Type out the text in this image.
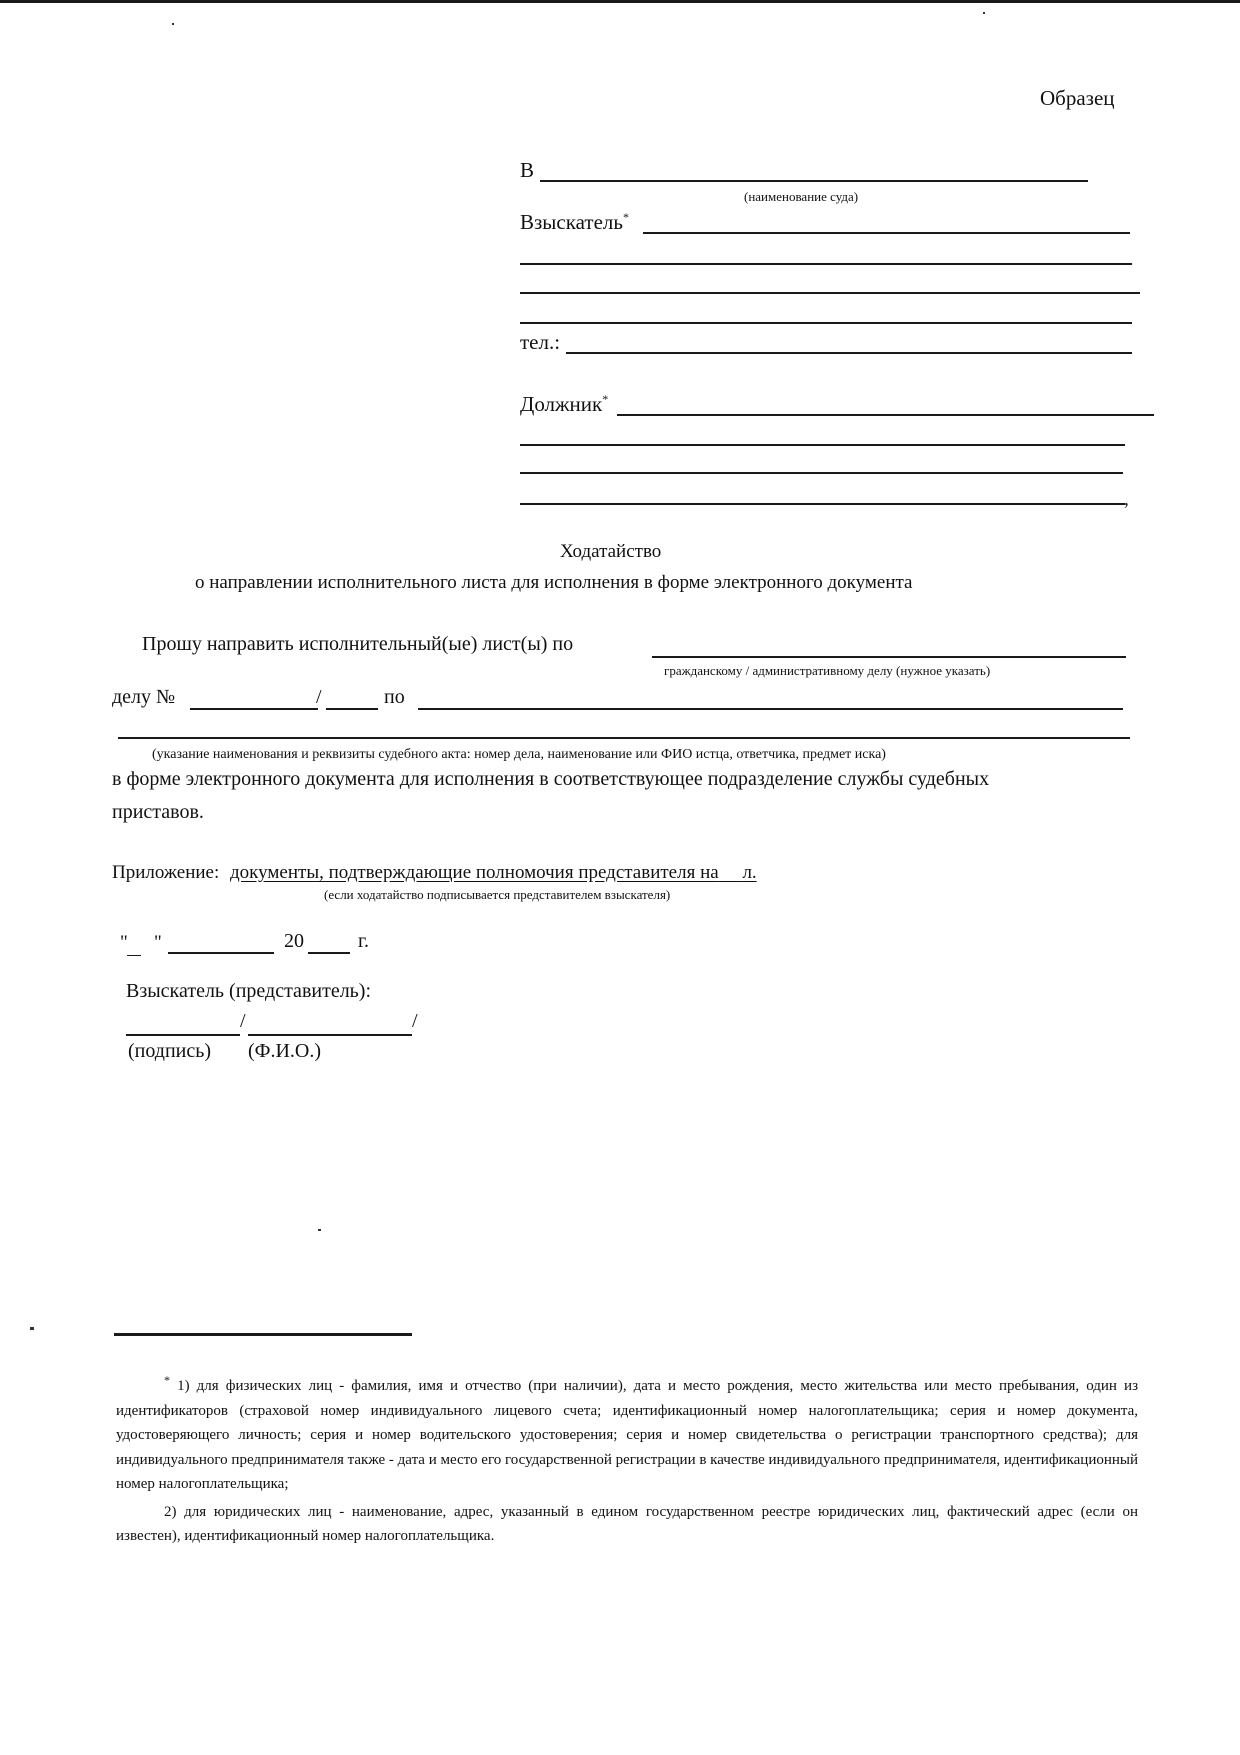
Образец
В
(наименование суда)
Взыскатель*
тел.:
Должник*
,
Ходатайство
о направлении исполнительного листа для исполнения в форме электронного документа
Прошу направить исполнительный(ые) лист(ы) по
гражданскому / административному делу (нужное указать)
делу №	/	по
(указание наименования и реквизиты судебного акта: номер дела, наименование или ФИО истца, ответчика, предмет иска)
в форме электронного документа для исполнения в соответствующее подразделение службы судебных
приставов.
Приложение: документы, подтверждающие полномочия представителя на л.
(если ходатайство подписывается представителем взыскателя)
" "	20	г.
Взыскатель (представитель):
/	/
(подпись) (Ф.И.О.)

* 1) для физических лиц - фамилия, имя и отчество (при наличии), дата и место рождения, место жительства или место пребывания, один из идентификаторов (страховой номер индивидуального лицевого счета; идентификационный номер налогоплательщика; серия и номер документа, удостоверяющего личность; серия и номер водительского удостоверения; серия и номер свидетельства о регистрации транспортного средства); для индивидуального предпринимателя также - дата и место его государственной регистрации в качестве индивидуального предпринимателя, идентификационный номер налогоплательщика;

2) для юридических лиц - наименование, адрес, указанный в едином государственном реестре юридических лиц, фактический адрес (если он известен), идентификационный номер налогоплательщика.
